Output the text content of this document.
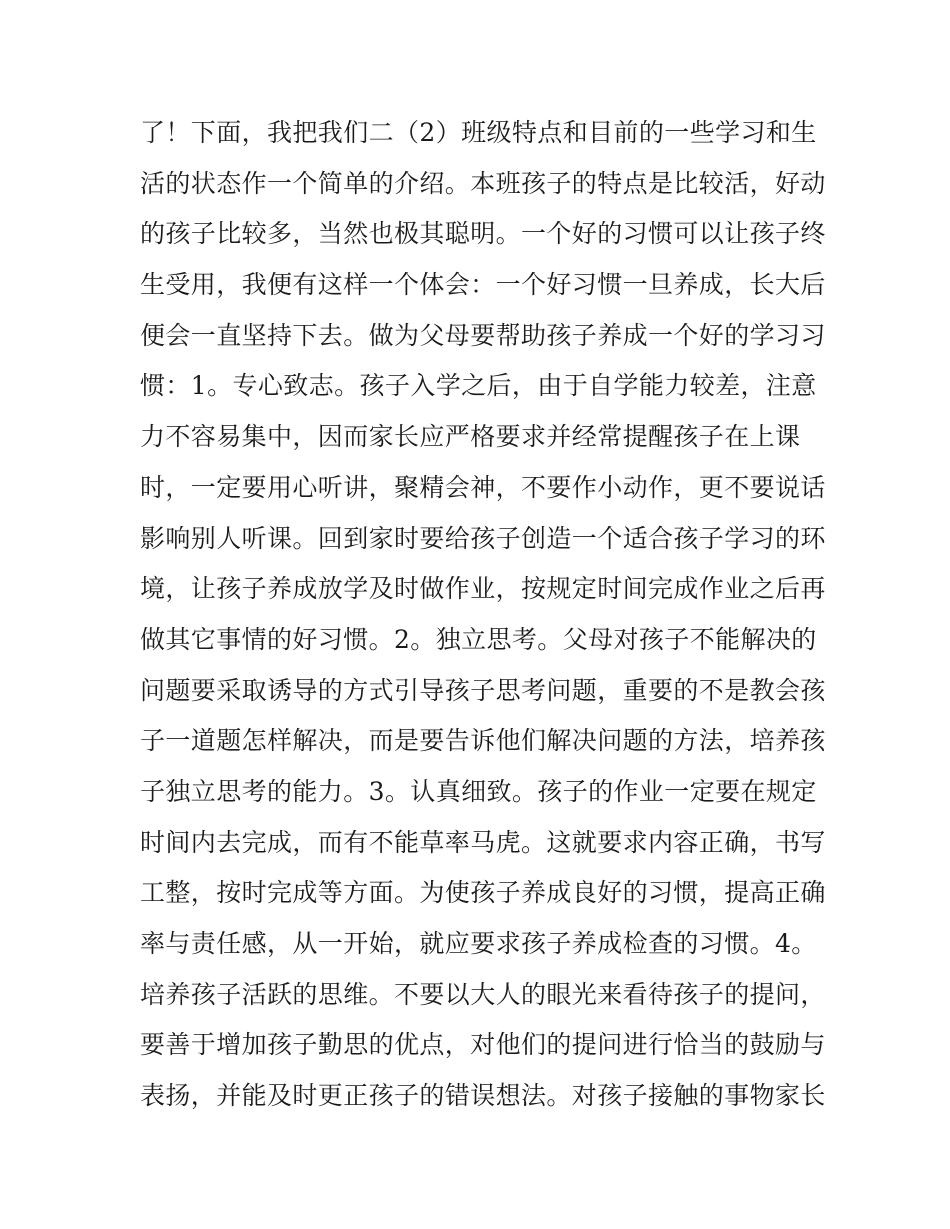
了！下面，我把我们二（2）班级特点和目前的一些学习和生
活的状态作一个简单的介绍。本班孩子的特点是比较活，好动
的孩子比较多，当然也极其聪明。一个好的习惯可以让孩子终
生受用，我便有这样一个体会：一个好习惯一旦养成，长大后
便会一直坚持下去。做为父母要帮助孩子养成一个好的学习习
惯：1。专心致志。孩子入学之后，由于自学能力较差，注意
力不容易集中，因而家长应严格要求并经常提醒孩子在上课
时，一定要用心听讲，聚精会神，不要作小动作，更不要说话
影响别人听课。回到家时要给孩子创造一个适合孩子学习的环
境，让孩子养成放学及时做作业，按规定时间完成作业之后再
做其它事情的好习惯。2。独立思考。父母对孩子不能解决的
问题要采取诱导的方式引导孩子思考问题，重要的不是教会孩
子一道题怎样解决，而是要告诉他们解决问题的方法，培养孩
子独立思考的能力。3。认真细致。孩子的作业一定要在规定
时间内去完成，而有不能草率马虎。这就要求内容正确，书写
工整，按时完成等方面。为使孩子养成良好的习惯，提高正确
率与责任感，从一开始，就应要求孩子养成检查的习惯。4。
培养孩子活跃的思维。不要以大人的眼光来看待孩子的提问，
要善于增加孩子勤思的优点，对他们的提问进行恰当的鼓励与
表扬，并能及时更正孩子的错误想法。对孩子接触的事物家长
